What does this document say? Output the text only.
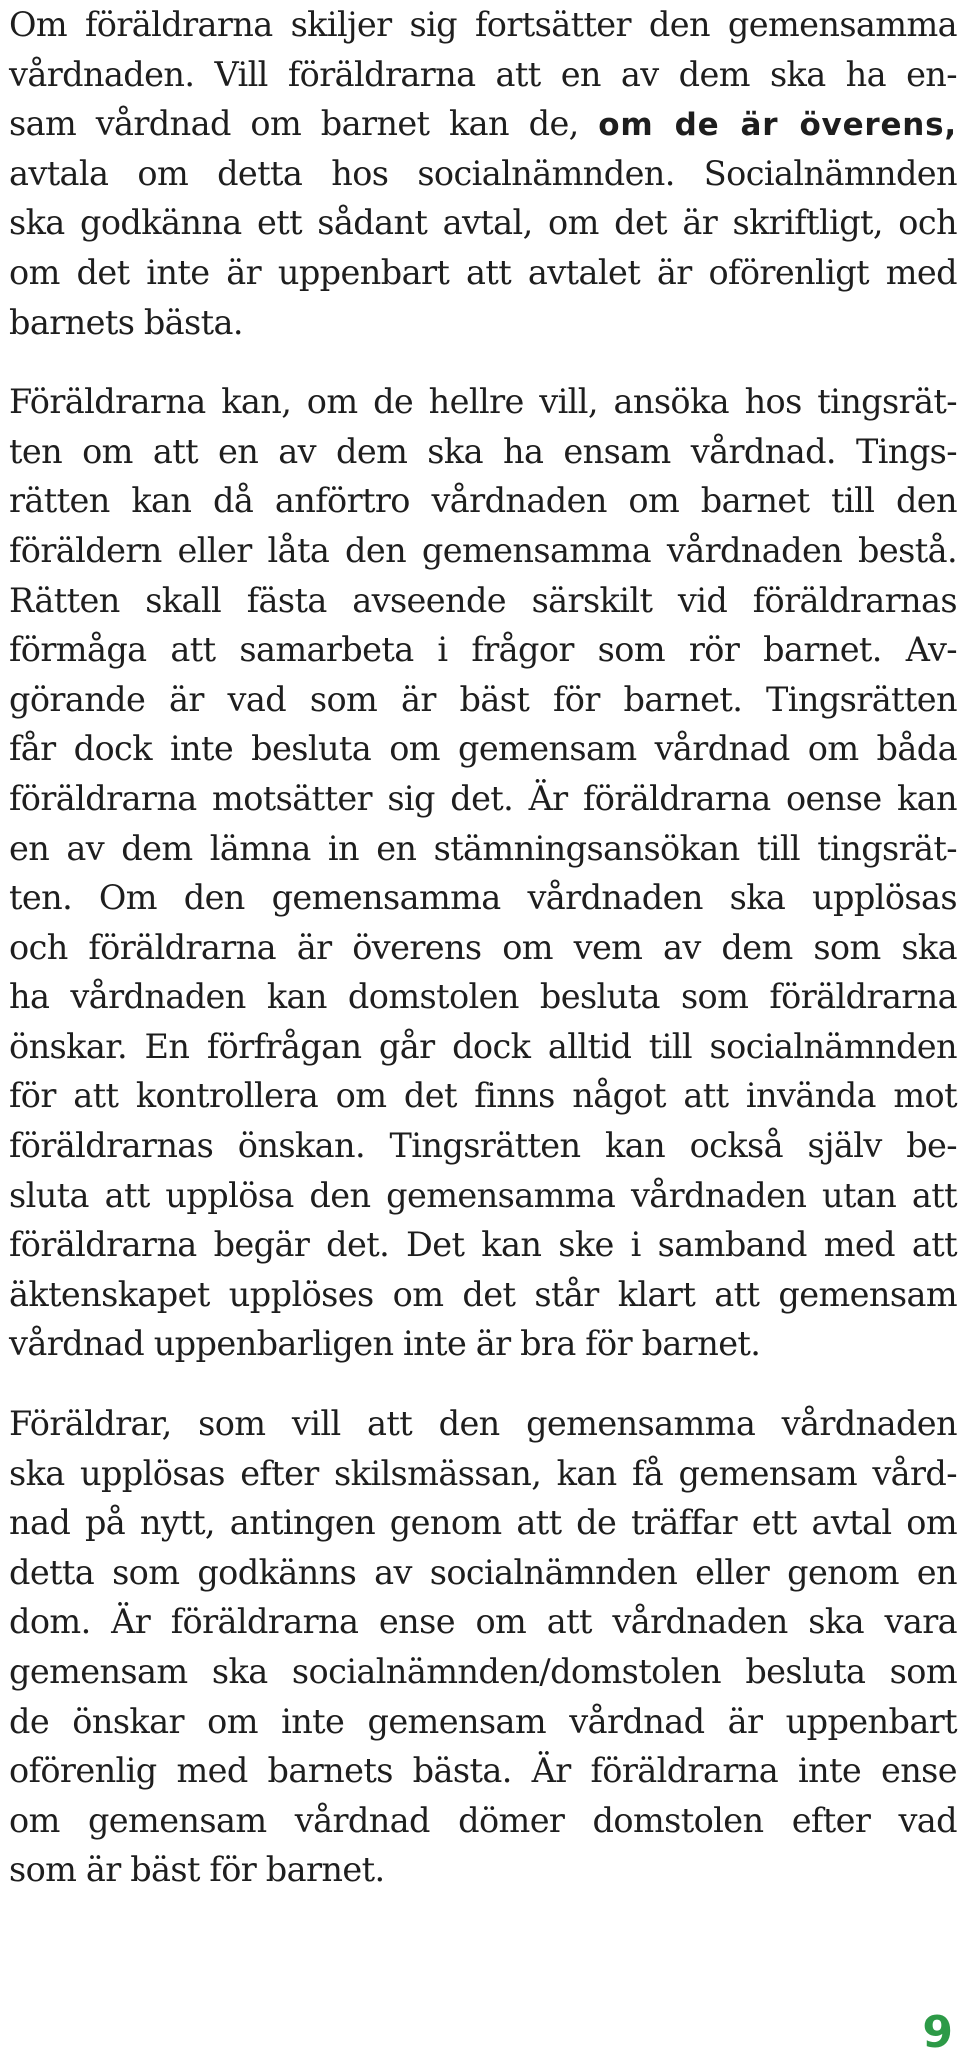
Om föräldrarna skiljer sig fortsätter den gemensamma
vårdnaden. Vill föräldrarna att en av dem ska ha en-
sam vårdnad om barnet kan de, om de är överens,
avtala om detta hos socialnämnden. Socialnämnden
ska godkänna ett sådant avtal, om det är skriftligt, och
om det inte är uppenbart att avtalet är oförenligt med
barnets bästa.
Föräldrarna kan, om de hellre vill, ansöka hos tingsrät-
ten om att en av dem ska ha ensam vårdnad. Tings-
rätten kan då anförtro vårdnaden om barnet till den
föräldern eller låta den gemensamma vårdnaden bestå.
Rätten skall fästa avseende särskilt vid föräldrarnas
förmåga att samarbeta i frågor som rör barnet. Av-
görande är vad som är bäst för barnet. Tingsrätten
får dock inte besluta om gemensam vårdnad om båda
föräldrarna motsätter sig det. Är föräldrarna oense kan
en av dem lämna in en stämningsansökan till tingsrät-
ten. Om den gemensamma vårdnaden ska upplösas
och föräldrarna är överens om vem av dem som ska
ha vårdnaden kan domstolen besluta som föräldrarna
önskar. En förfrågan går dock alltid till socialnämnden
för att kontrollera om det finns något att invända mot
föräldrarnas önskan. Tingsrätten kan också själv be-
sluta att upplösa den gemensamma vårdnaden utan att
föräldrarna begär det. Det kan ske i samband med att
äktenskapet upplöses om det står klart att gemensam
vårdnad uppenbarligen inte är bra för barnet.
Föräldrar, som vill att den gemensamma vårdnaden
ska upplösas efter skilsmässan, kan få gemensam vård-
nad på nytt, antingen genom att de träffar ett avtal om
detta som godkänns av socialnämnden eller genom en
dom. Är föräldrarna ense om att vårdnaden ska vara
gemensam ska socialnämnden/domstolen besluta som
de önskar om inte gemensam vårdnad är uppenbart
oförenlig med barnets bästa. Är föräldrarna inte ense
om gemensam vårdnad dömer domstolen efter vad
som är bäst för barnet.
9
